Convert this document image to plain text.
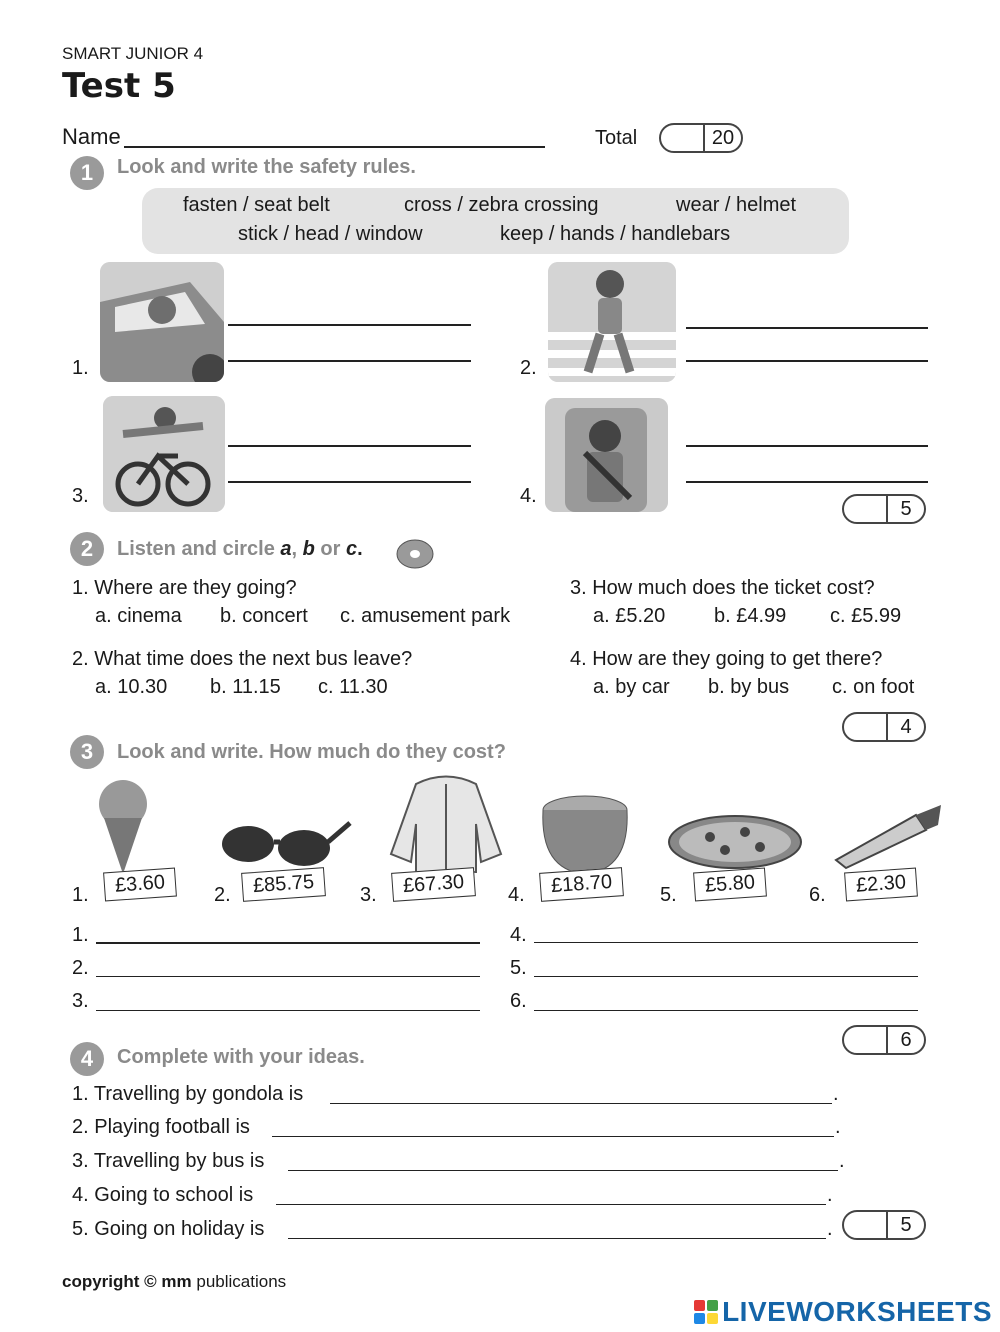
SMART JUNIOR 4
Test 5
Name	Total	20
1	Look and write the safety rules.
fasten / seat belt	cross / zebra crossing	wear / helmet
stick / head / window	keep / hands / handlebars
1.	2.
3.	4.
5
2	Listen and circle a, b or c.
1. Where are they going?
a. cinema b. concert c. amusement park
2. What time does the next bus leave?
a. 10.30 b. 11.15 c. 11.30
3. How much does the ticket cost?
a. £5.20 b. £4.99 c. £5.99
4. How are they going to get there?
a. by car b. by bus c. on foot
4
3	Look and write. How much do they cost?
1.	£3.60	2.	£85.75	3.	£67.30	4.	£18.70	5.	£5.80	6.	£2.30
1.
2.
3.
4.
5.
6.
6
4	Complete with your ideas.
1. Travelling by gondola is	.
2. Playing football is	.
3. Travelling by bus is	.
4. Going to school is	.
5. Going on holiday is	.	5
copyright © mm publications
LIVEWORKSHEETS
